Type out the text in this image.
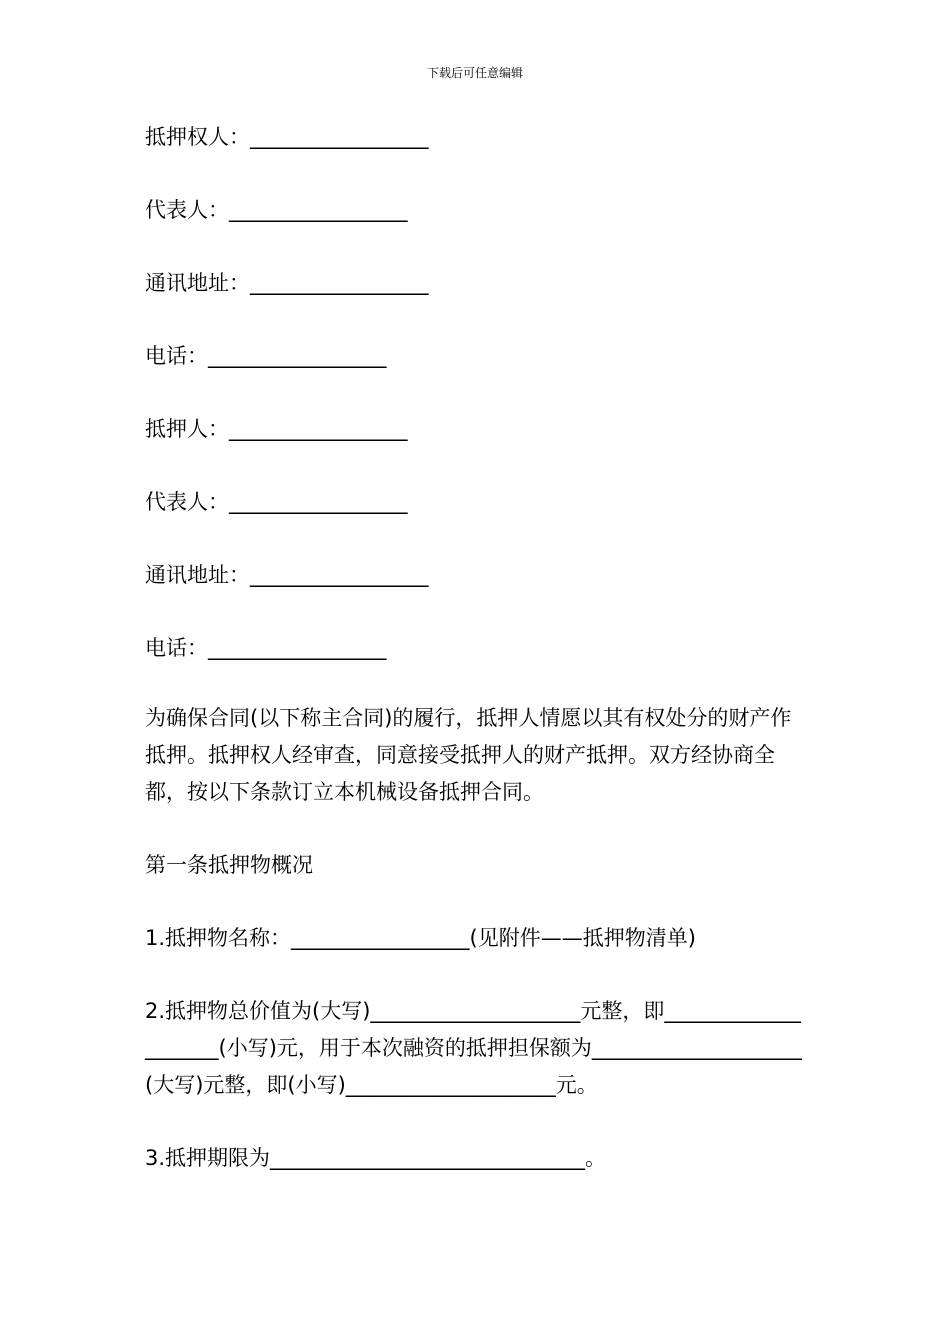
下载后可任意编辑
抵押权人：_________________
代表人：_________________
通讯地址：_________________
电话：_________________
抵押人：_________________
代表人：_________________
通讯地址：_________________
电话：_________________

为确保合同(以下称主合同)的履行，抵押人情愿以其有权处分的财产作抵押。抵押权人经审查，同意接受抵押人的财产抵押。双方经协商全都，按以下条款订立本机械设备抵押合同。

第一条抵押物概况

1.抵押物名称：_________________(见附件——抵押物清单)

2.抵押物总价值为(大写)____________________元整，即____________________(小写)元，用于本次融资的抵押担保额为____________________(大写)元整，即(小写)____________________元。

3.抵押期限为______________________________。
